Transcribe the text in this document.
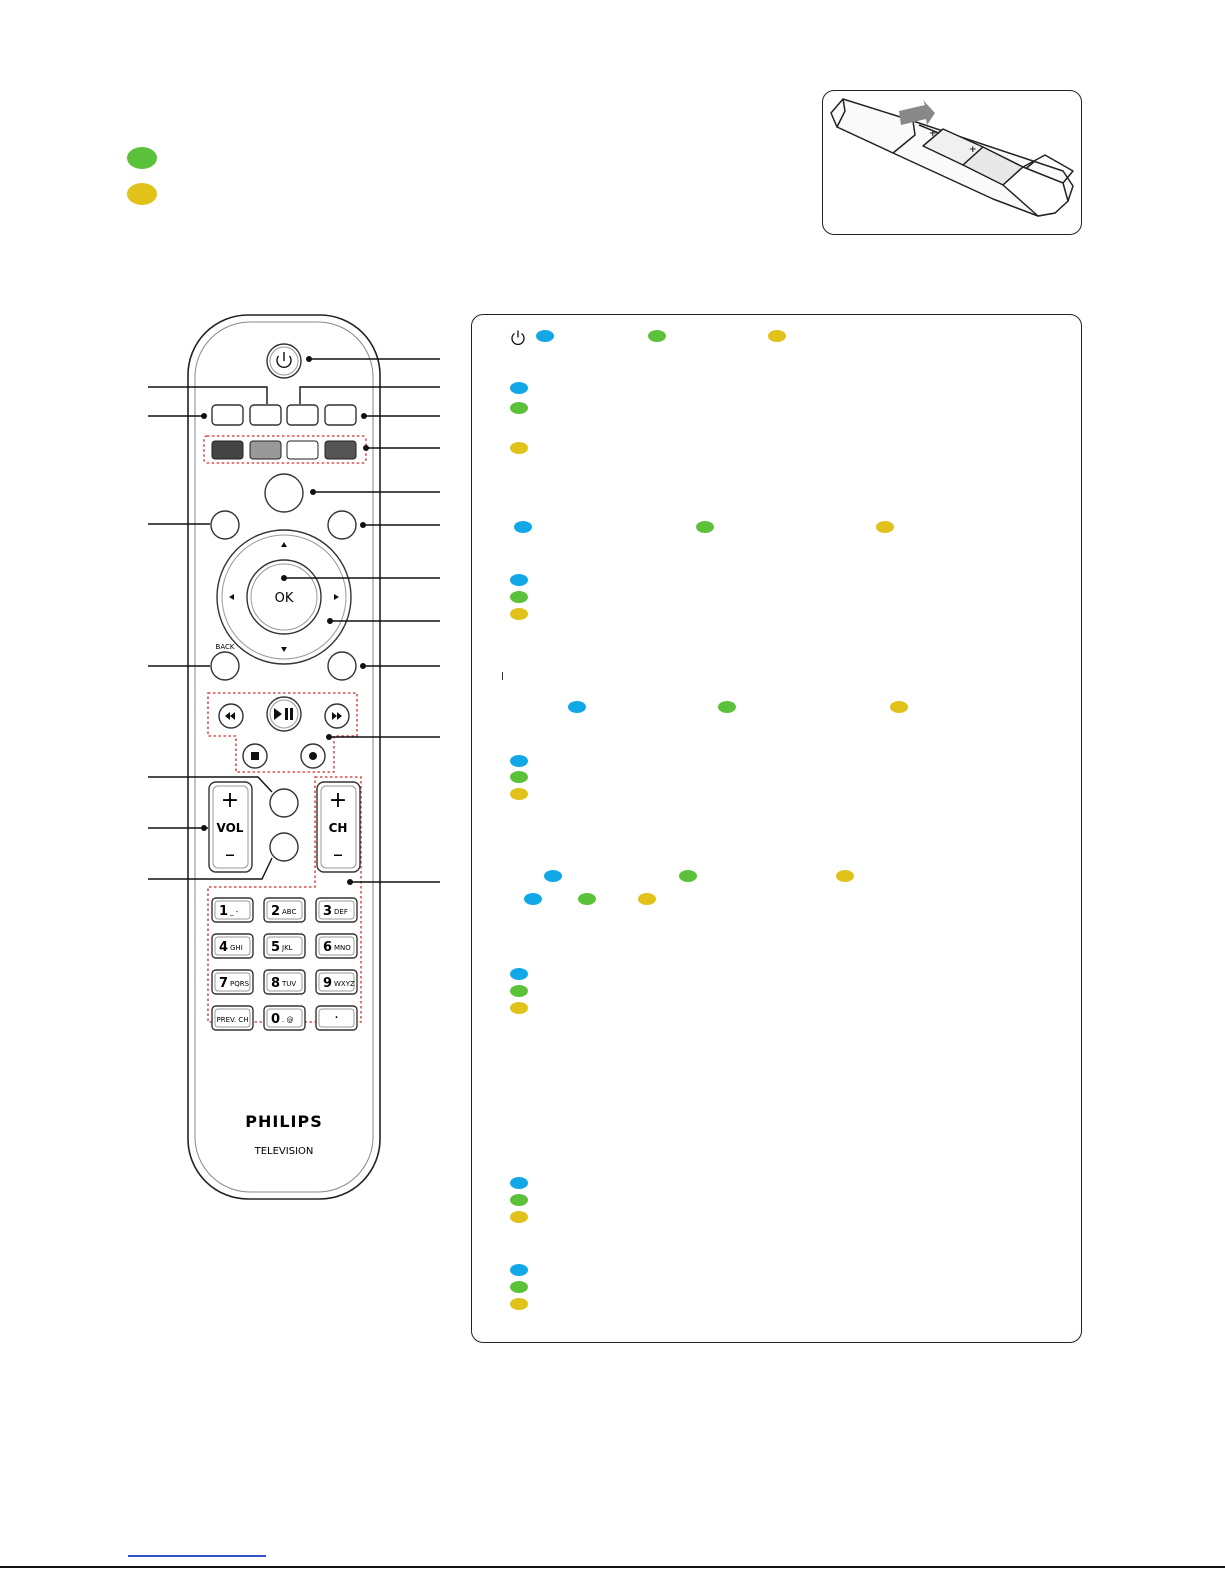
+
+
OK
BACK
+
VOL
–
+
CH
–
1 _ -	2 ABC 3 DEF
4 GHI 5 JKL 6 MNO
7 PQRS 8 TUV 9 WXYZ
PREV. CH 0 . @	·
PHILIPS
TELEVISION
